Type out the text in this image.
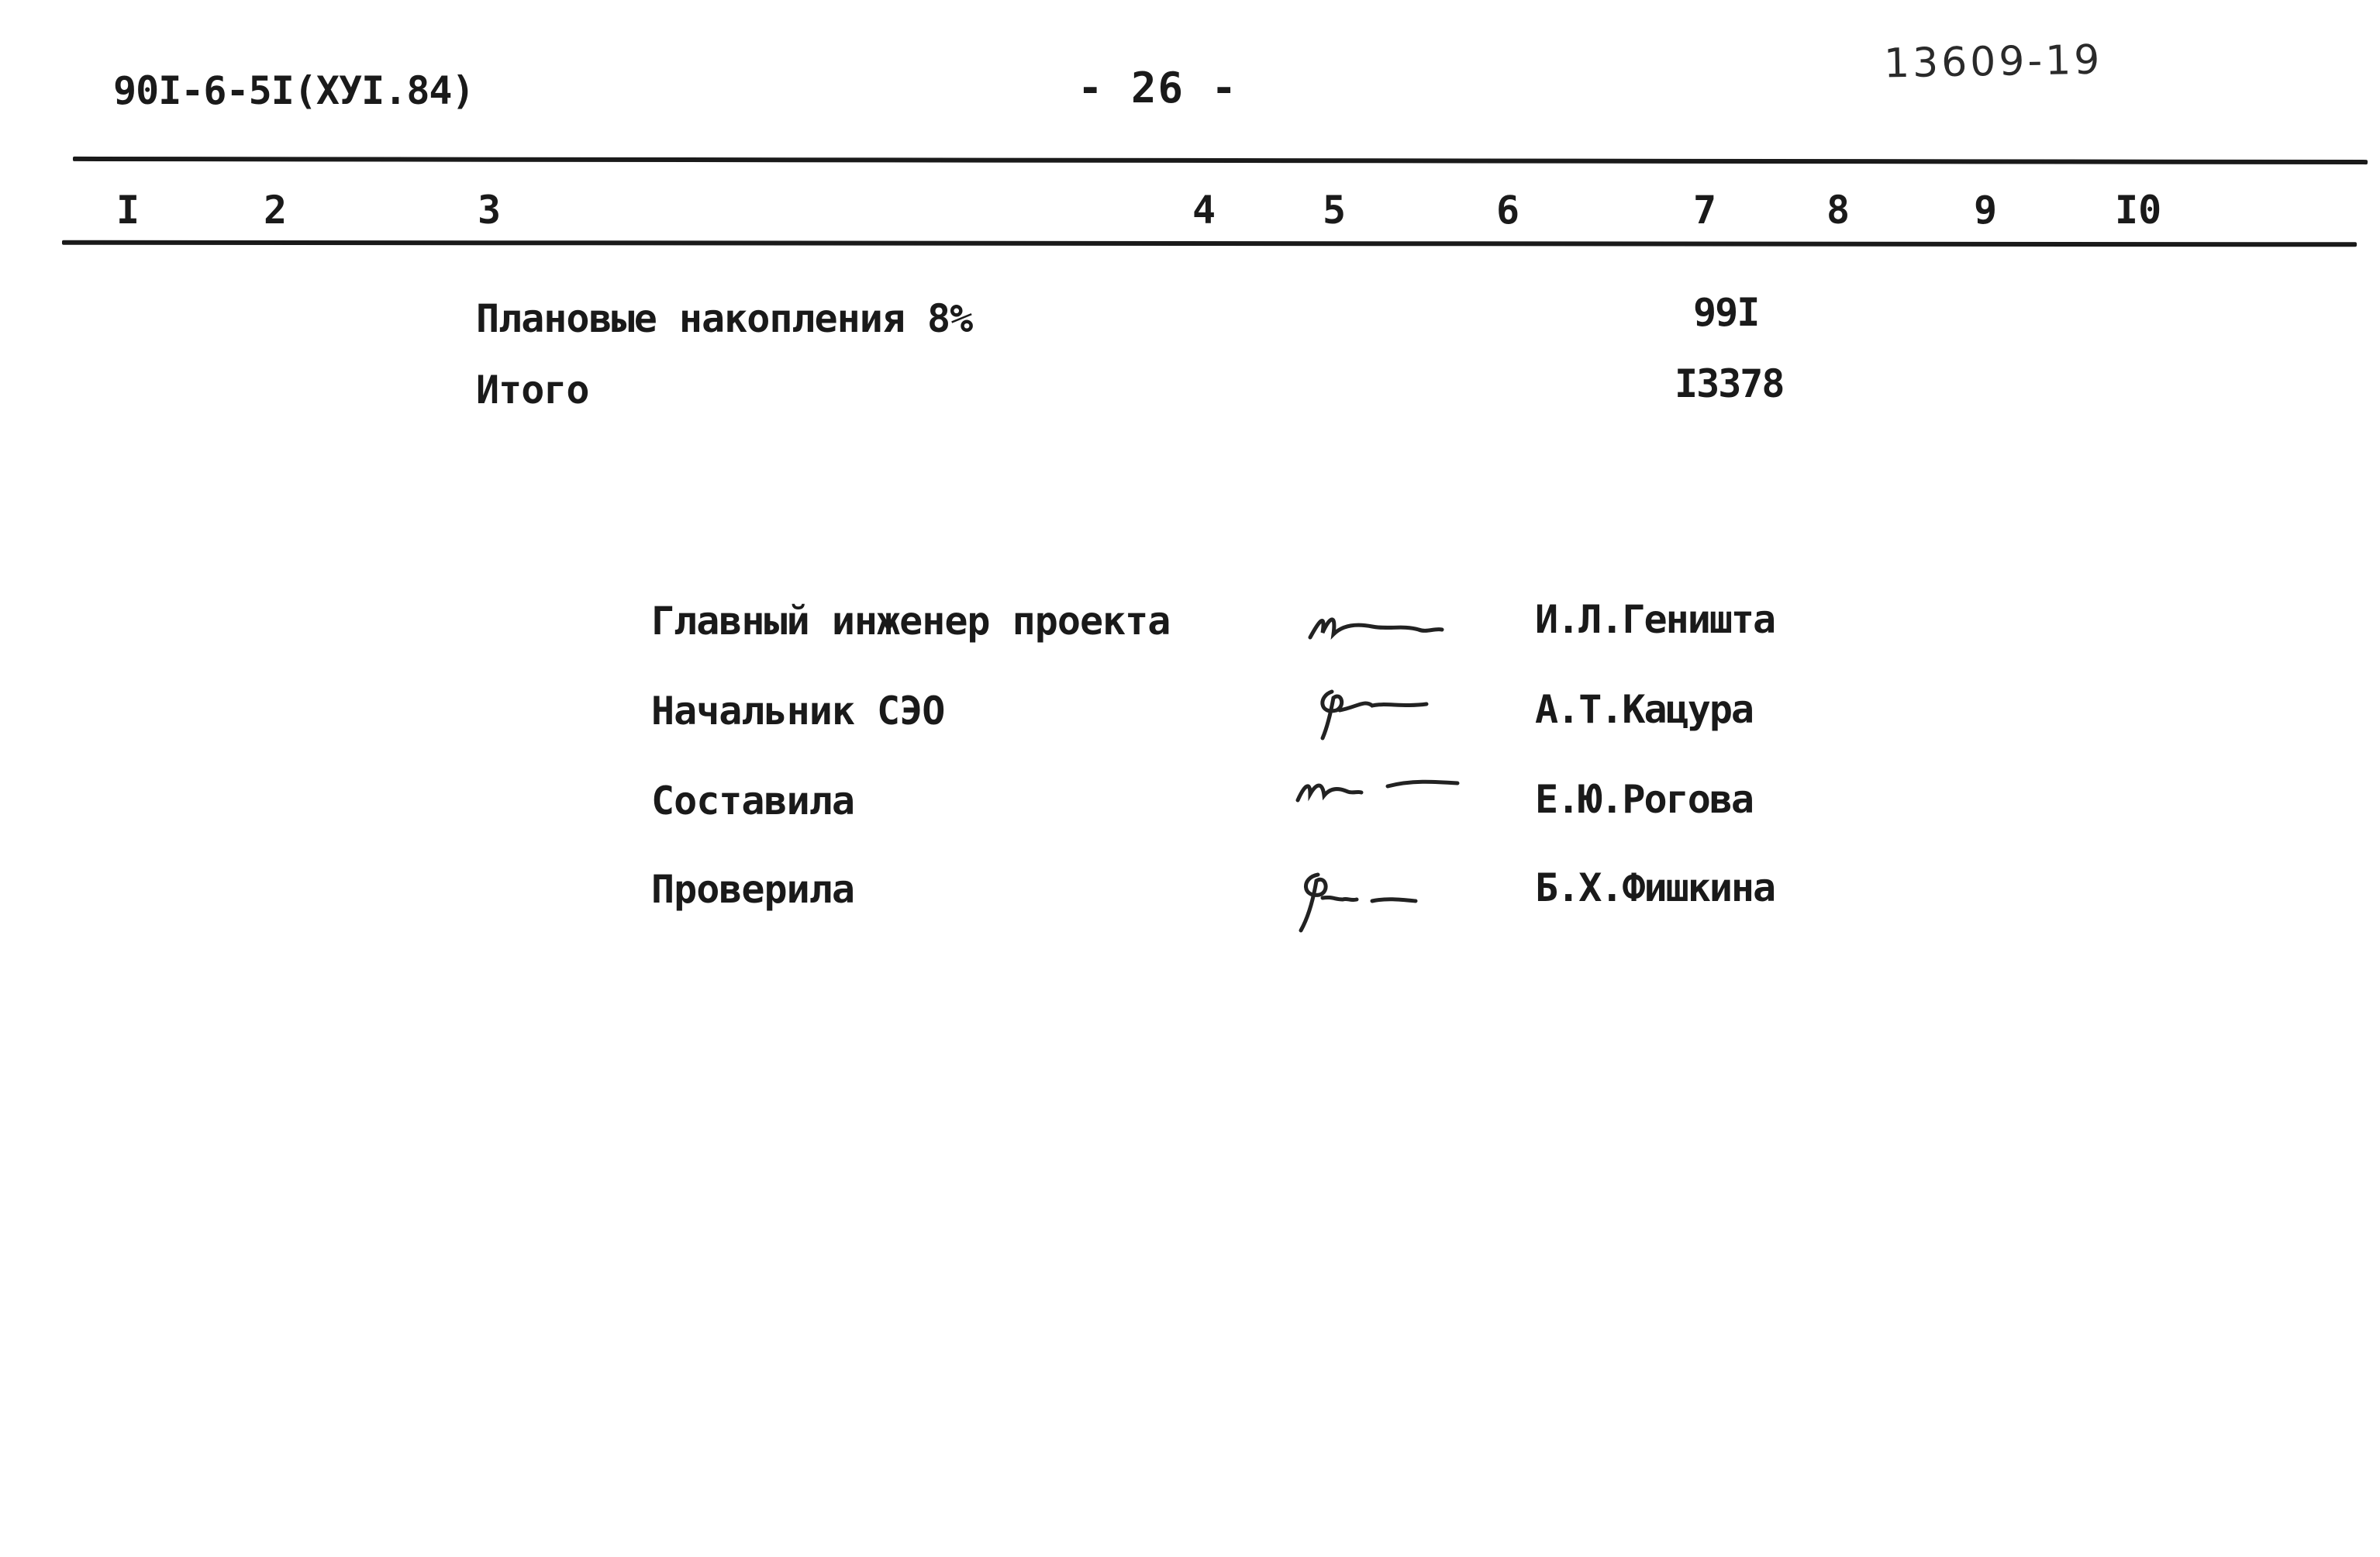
90I-6-5I(XУI.84)	- 26 -
13609-19
I	2	3	4	5	6	7	8	9	I0
Плановые накопления 8%	99I
Итого	I3378
Главный инженер проекта	И.Л.Геништа
Начальник СЭО	А.Т.Кацура
Составила	Е.Ю.Рогова
Проверила	Б.Х.Фишкина
